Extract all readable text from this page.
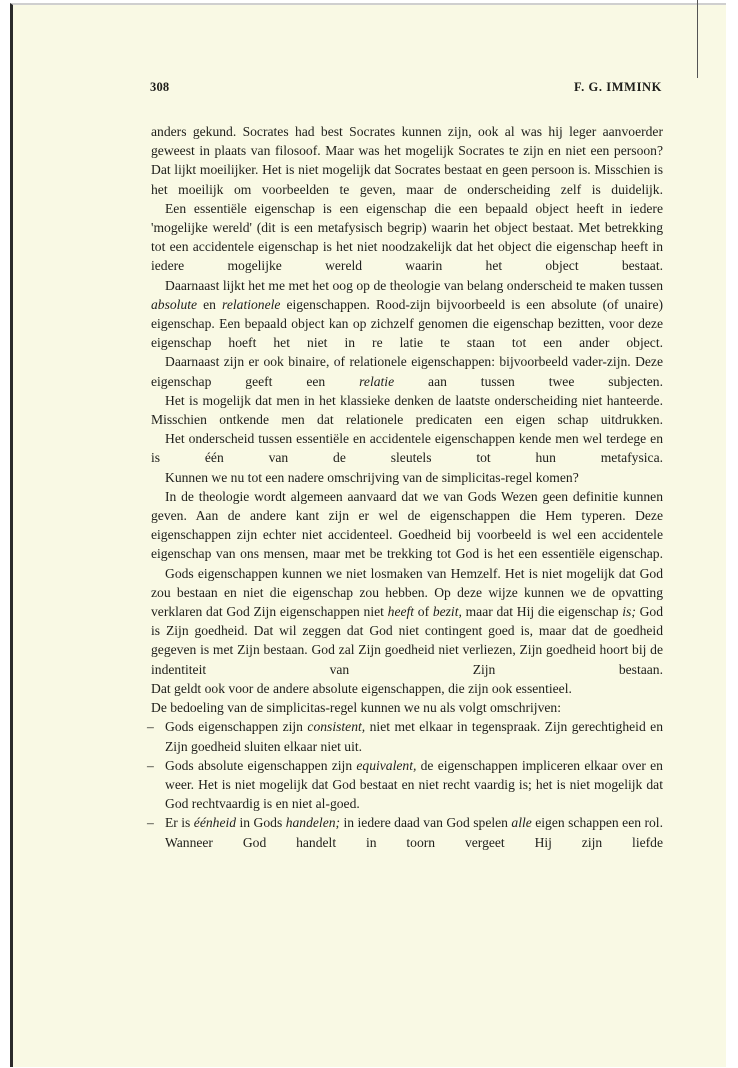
308	F. G. IMMINK

anders gekund. Socrates had best Socrates kunnen zijn, ook al was hij leger aanvoerder geweest in plaats van filosoof. Maar was het mogelijk Socrates te zijn en niet een persoon? Dat lijkt moeilijker. Het is niet mogelijk dat Socrates bestaat en geen persoon is. Misschien is het moeilijk om voorbeelden te geven, maar de onderscheiding zelf is duidelijk.

Een essentiële eigenschap is een eigenschap die een bepaald object heeft in iedere 'mogelijke wereld' (dit is een metafysisch begrip) waarin het object bestaat. Met betrekking tot een accidentele eigenschap is het niet noodzakelijk dat het object die eigenschap heeft in iedere mogelijke wereld waarin het object bestaat.

Daarnaast lijkt het me met het oog op de theologie van belang onderscheid te maken tussen absolute en relationele eigenschappen. Rood-zijn bijvoorbeeld is een absolute (of unaire) eigenschap. Een bepaald object kan op zichzelf genomen die eigenschap bezitten, voor deze eigenschap hoeft het niet in re latie te staan tot een ander object.

Daarnaast zijn er ook binaire, of relationele eigenschappen: bijvoorbeeld vader-zijn. Deze eigenschap geeft een relatie aan tussen twee subjecten.

Het is mogelijk dat men in het klassieke denken de laatste onderscheiding niet hanteerde. Misschien ontkende men dat relationele predicaten een eigen schap uitdrukken.

Het onderscheid tussen essentiële en accidentele eigenschappen kende men wel terdege en is één van de sleutels tot hun metafysica.

Kunnen we nu tot een nadere omschrijving van de simplicitas-regel komen?

In de theologie wordt algemeen aanvaard dat we van Gods Wezen geen definitie kunnen geven. Aan de andere kant zijn er wel de eigenschappen die Hem typeren. Deze eigenschappen zijn echter niet accidenteel. Goedheid bij voorbeeld is wel een accidentele eigenschap van ons mensen, maar met be trekking tot God is het een essentiële eigenschap.

Gods eigenschappen kunnen we niet losmaken van Hemzelf. Het is niet mogelijk dat God zou bestaan en niet die eigenschap zou hebben. Op deze wijze kunnen we de opvatting verklaren dat God Zijn eigenschappen niet heeft of bezit, maar dat Hij die eigenschap is; God is Zijn goedheid. Dat wil zeggen dat God niet contingent goed is, maar dat de goedheid gegeven is met Zijn bestaan. God zal Zijn goedheid niet verliezen, Zijn goedheid hoort bij de indentiteit van Zijn bestaan.

Dat geldt ook voor de andere absolute eigenschappen, die zijn ook essentieel.

De bedoeling van de simplicitas-regel kunnen we nu als volgt omschrijven:

– Gods eigenschappen zijn consistent, niet met elkaar in tegenspraak. Zijn gerechtigheid en Zijn goedheid sluiten elkaar niet uit.
– Gods absolute eigenschappen zijn equivalent, de eigenschappen impliceren elkaar over en weer. Het is niet mogelijk dat God bestaat en niet recht vaardig is; het is niet mogelijk dat God rechtvaardig is en niet al-goed.
– Er is éénheid in Gods handelen; in iedere daad van God spelen alle eigen schappen een rol. Wanneer God handelt in toorn vergeet Hij zijn liefde
